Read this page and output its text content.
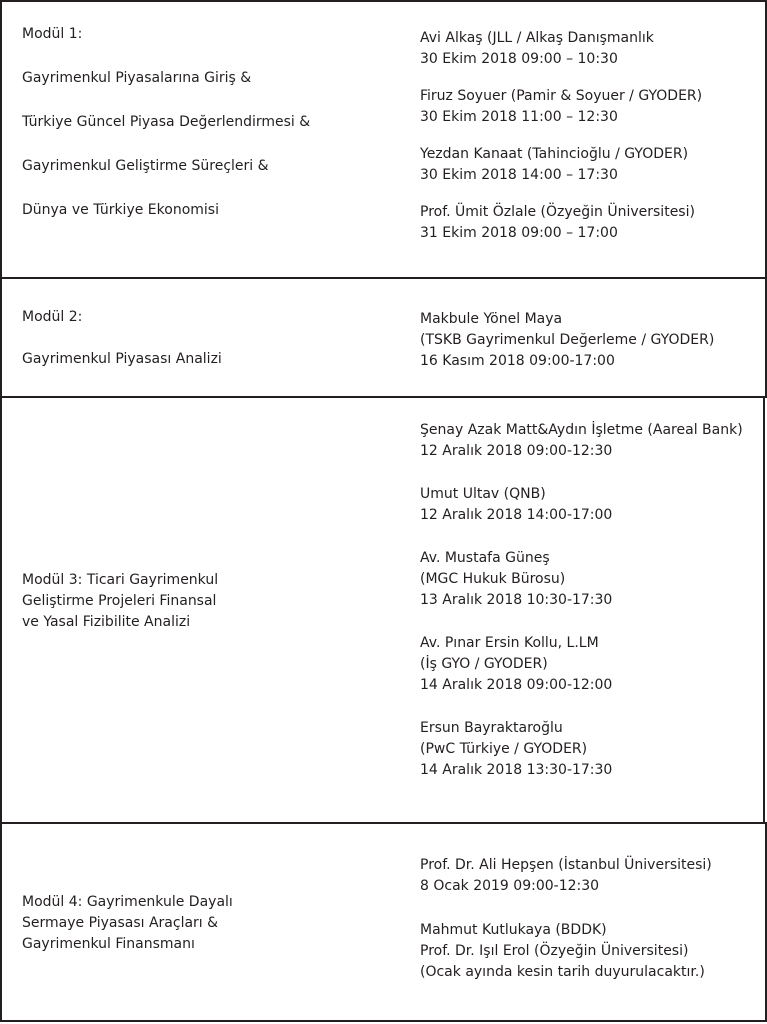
Modül 1:
Gayrimenkul Piyasalarına Giriş &
Türkiye Güncel Piyasa Değerlendirmesi &
Gayrimenkul Geliştirme Süreçleri &
Dünya ve Türkiye Ekonomisi
Avi Alkaş (JLL / Alkaş Danışmanlık
30 Ekim 2018 09:00 – 10:30
Firuz Soyuer (Pamir & Soyuer / GYODER)
30 Ekim 2018 11:00 – 12:30
Yezdan Kanaat (Tahincioğlu / GYODER)
30 Ekim 2018 14:00 – 17:30
Prof. Ümit Özlale (Özyeğin Üniversitesi)
31 Ekim 2018 09:00 – 17:00
Modül 2:
Gayrimenkul Piyasası Analizi
Makbule Yönel Maya
(TSKB Gayrimenkul Değerleme / GYODER)
16 Kasım 2018 09:00-17:00
Modül 3: Ticari Gayrimenkul
Geliştirme Projeleri Finansal
ve Yasal Fizibilite Analizi
Şenay Azak Matt&Aydın İşletme (Aareal Bank)
12 Aralık 2018 09:00-12:30
Umut Ultav (QNB)
12 Aralık 2018 14:00-17:00
Av. Mustafa Güneş
(MGC Hukuk Bürosu)
13 Aralık 2018 10:30-17:30
Av. Pınar Ersin Kollu, L.LM
(İş GYO / GYODER)
14 Aralık 2018 09:00-12:00
Ersun Bayraktaroğlu
(PwC Türkiye / GYODER)
14 Aralık 2018 13:30-17:30
Modül 4: Gayrimenkule Dayalı
Sermaye Piyasası Araçları &
Gayrimenkul Finansmanı
Prof. Dr. Ali Hepşen (İstanbul Üniversitesi)
8 Ocak 2019 09:00-12:30
Mahmut Kutlukaya (BDDK)
Prof. Dr. Işıl Erol (Özyeğin Üniversitesi)
(Ocak ayında kesin tarih duyurulacaktır.)
